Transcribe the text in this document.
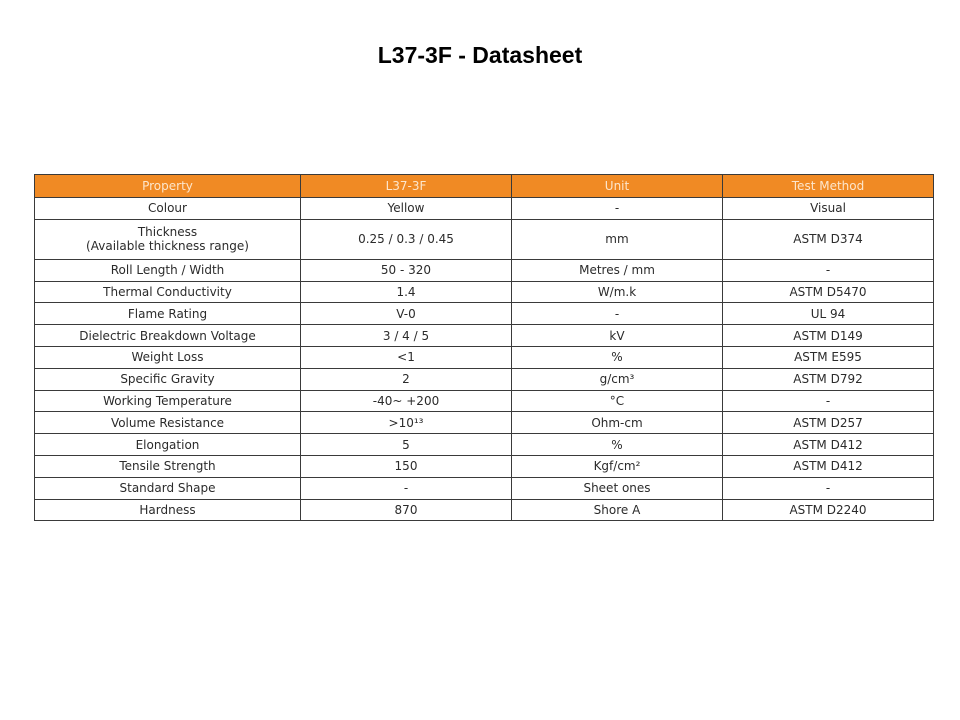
L37-3F - Datasheet
Property	L37-3F	Unit	Test Method
Colour	Yellow	-	Visual

Thickness
(Available thickness range)	0.25 / 0.3 / 0.45	mm	ASTM D374
Roll Length / Width	50 - 320	Metres / mm	-
Thermal Conductivity	1.4	W/m.k	ASTM D5470
Flame Rating	V-0	-	UL 94
Dielectric Breakdown Voltage	3 / 4 / 5	kV	ASTM D149
Weight Loss	<1	%	ASTM E595
Specific Gravity	2	g/cm³	ASTM D792
Working Temperature	-40~ +200	°C	-
Volume Resistance	>10¹³	Ohm-cm	ASTM D257
Elongation	5	%	ASTM D412
Tensile Strength	150	Kgf/cm²	ASTM D412
Standard Shape	-	Sheet ones	-
Hardness	870	Shore A	ASTM D2240
